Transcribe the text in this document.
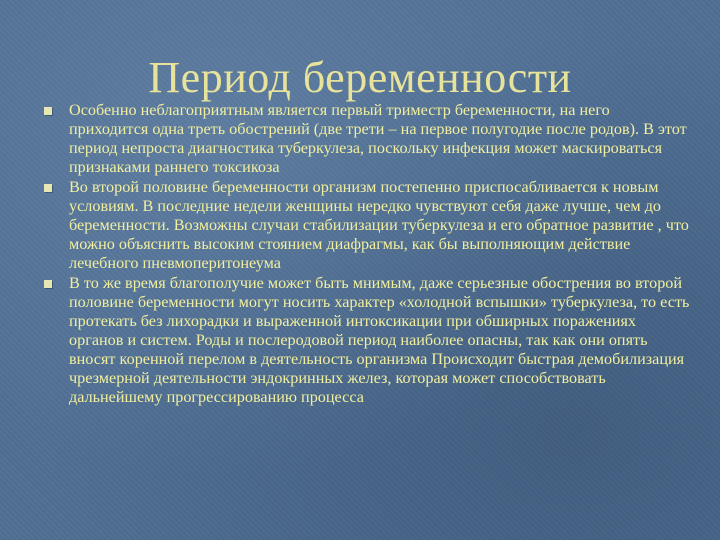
Период беременности
Особенно неблагоприятным является первый триместр беременности, на него приходится одна треть обострений (две трети – на первое полугодие после родов). В этот период непроста диагностика туберкулеза, поскольку инфекция может маскироваться признаками раннего токсикоза
Во второй половине беременности организм постепенно приспосабливается к новым условиям. В последние недели женщины нередко чувствуют себя даже лучше, чем до беременности. Возможны случаи стабилизации туберкулеза и его обратное развитие , что можно объяснить высоким стоянием диафрагмы, как бы выполняющим действие лечебного пневмоперитонеума
В то же время благополучие может быть мнимым, даже серьезные обострения во второй половине беременности могут носить характер «холодной вспышки» туберкулеза, то есть протекать без лихорадки и выраженной интоксикации при обширных поражениях органов и систем. Роды и послеродовой период наиболее опасны, так как они опять вносят коренной перелом в деятельность организма Происходит быстрая демобилизация чрезмерной деятельности эндокринных желез, которая может способствовать дальнейшему прогрессированию процесса
